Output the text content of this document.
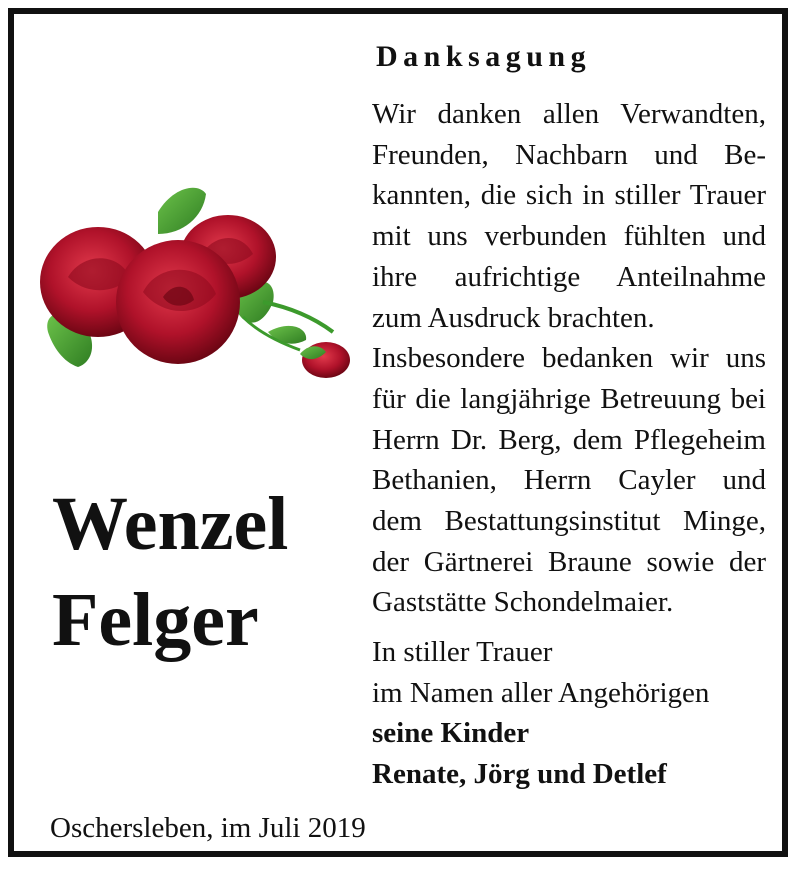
Danksagung
Wir danken allen Verwandten,
Freunden, Nachbarn und Be-
kannten, die sich in stiller Trauer
mit uns verbunden fühlten und
ihre aufrichtige Anteilnahme
zum Ausdruck brachten.
Insbesondere bedanken wir uns
für die langjährige Betreuung bei
Herrn Dr. Berg, dem Pflegeheim
Bethanien, Herrn Cayler und
dem Bestattungsinstitut Minge,
der Gärtnerei Braune sowie der
Gaststätte Schondelmaier.
In stiller Trauer
im Namen aller Angehörigen
seine Kinder
Renate, Jörg und Detlef
Wenzel
Felger
Oschersleben, im Juli 2019
